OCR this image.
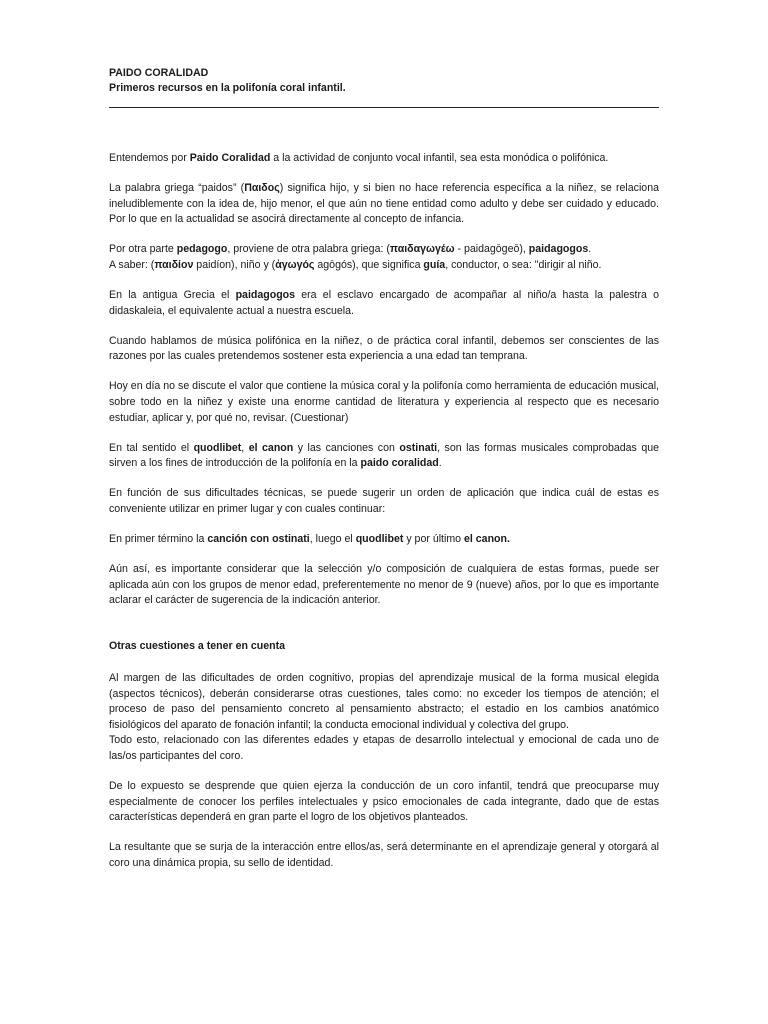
PAIDO CORALIDAD
Primeros recursos en la polifonía coral infantil.

Entendemos por Paido Coralidad a la actividad de conjunto vocal infantil, sea esta monódica o polifónica.

La palabra griega “paidos” (Παιδος) significa hijo, y si bien no hace referencia específica a la niñez, se relaciona ineludiblemente con la idea de, hijo menor, el que aún no tiene entidad como adulto y debe ser cuidado y educado. Por lo que en la actualidad se asocirá directamente al concepto de infancia.

Por otra parte pedagogo, proviene de otra palabra griega: (παιδαγωγέω - paidagōgeō), paidagogos.
A saber: (παιδίον paidíon), niño y (ἀγωγός agōgós), que significa guía, conductor, o sea: "dirigir al niño.

En la antigua Grecia el paidagogos era el esclavo encargado de acompañar al niño/a hasta la palestra o didaskaleia, el equivalente actual a nuestra escuela.

Cuando hablamos de música polifónica en la niñez, o de práctica coral infantil, debemos ser conscientes de las razones por las cuales pretendemos sostener esta experiencia a una edad tan temprana.

Hoy en día no se discute el valor que contiene la música coral y la polifonía como herramienta de educación musical, sobre todo en la niñez y existe una enorme cantidad de literatura y experiencia al respecto que es necesario estudiar, aplicar y, por qué no, revisar. (Cuestionar)

En tal sentido el quodlibet, el canon y las canciones con ostinati, son las formas musicales comprobadas que sirven a los fines de introducción de la polifonía en la paido coralidad.

En función de sus dificultades técnicas, se puede sugerir un orden de aplicación que indica cuál de estas es conveniente utilizar en primer lugar y con cuales continuar:

En primer término la canción con ostinati, luego el quodlibet y por último el canon.

Aún así, es importante considerar que la selección y/o composición de cualquiera de estas formas, puede ser aplicada aún con los grupos de menor edad, preferentemente no menor de 9 (nueve) años, por lo que es importante aclarar el carácter de sugerencia de la indicación anterior.

Otras cuestiones a tener en cuenta

Al margen de las dificultades de orden cognitivo, propias del aprendizaje musical de la forma musical elegida (aspectos técnicos), deberán considerarse otras cuestiones, tales como: no exceder los tiempos de atención; el proceso de paso del pensamiento concreto al pensamiento abstracto; el estadio en los cambios anatómico fisiológicos del aparato de fonación infantil; la conducta emocional individual y colectiva del grupo.
Todo esto, relacionado con las diferentes edades y etapas de desarrollo intelectual y emocional de cada uno de las/os participantes del coro.

De lo expuesto se desprende que quien ejerza la conducción de un coro infantil, tendrá que preocuparse muy especialmente de conocer los perfiles intelectuales y psico emocionales de cada integrante, dado que de estas características dependerá en gran parte el logro de los objetivos planteados.

La resultante que se surja de la interacción entre ellos/as, será determinante en el aprendizaje general y otorgará al coro una dinámica propia, su sello de identidad.
